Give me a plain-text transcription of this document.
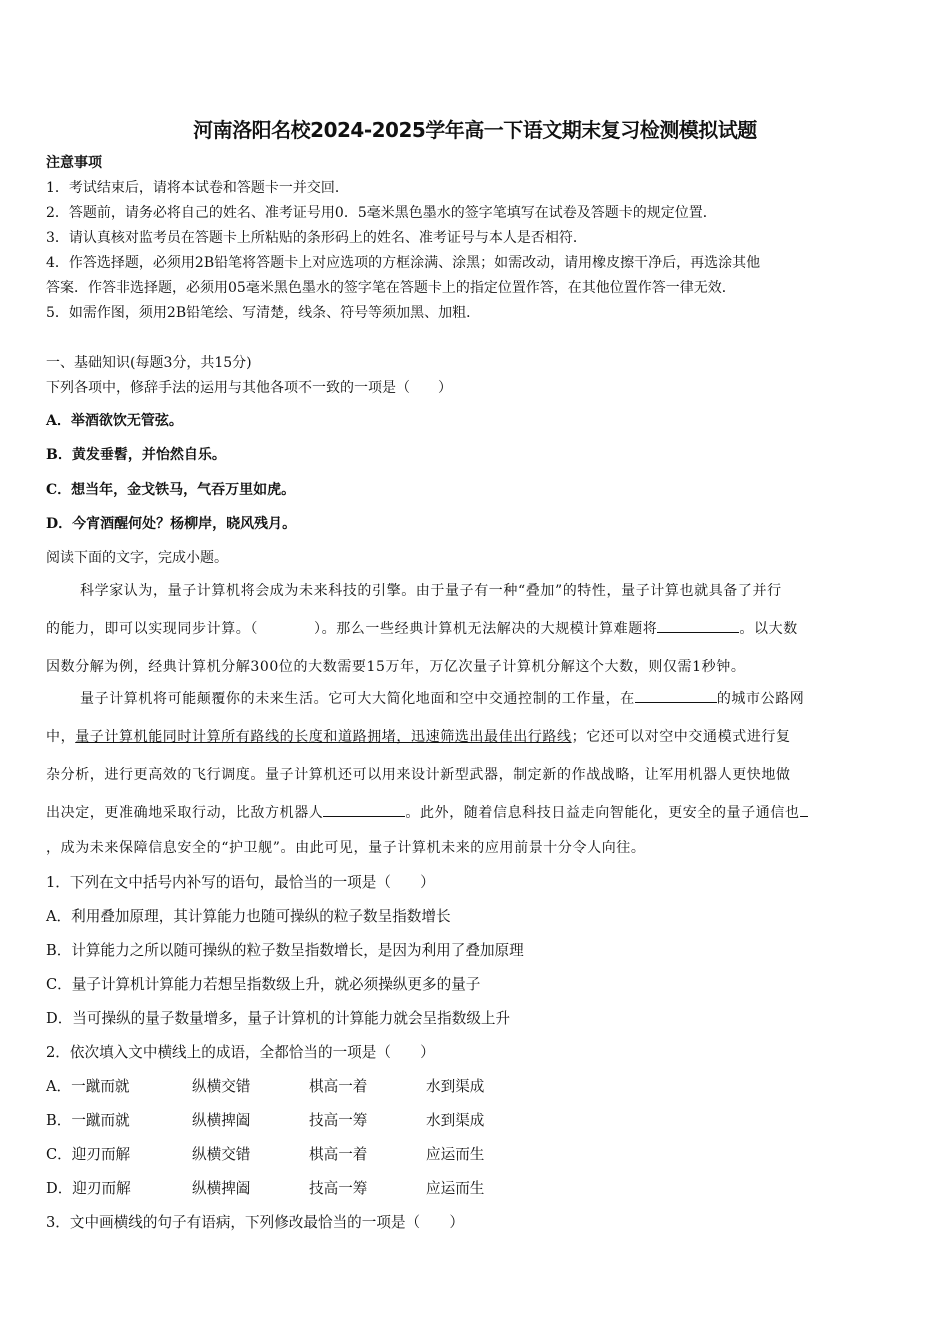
河南洛阳名校2024-2025学年高一下语文期末复习检测模拟试题
注意事项
1．考试结束后，请将本试卷和答题卡一并交回．
2．答题前，请务必将自己的姓名、准考证号用0．5毫米黑色墨水的签字笔填写在试卷及答题卡的规定位置．
3．请认真核对监考员在答题卡上所粘贴的条形码上的姓名、准考证号与本人是否相符．
4．作答选择题，必须用2B铅笔将答题卡上对应选项的方框涂满、涂黑；如需改动，请用橡皮擦干净后，再选涂其他
答案．作答非选择题，必须用05毫米黑色墨水的签字笔在答题卡上的指定位置作答，在其他位置作答一律无效．
5．如需作图，须用2B铅笔绘、写清楚，线条、符号等须加黑、加粗．
一、基础知识(每题3分，共15分)
下列各项中，修辞手法的运用与其他各项不一致的一项是（　　）
A．举酒欲饮无管弦。
B．黄发垂髫，并怡然自乐。
C．想当年，金戈铁马，气吞万里如虎。
D．今宵酒醒何处？杨柳岸，晓风残月。
阅读下面的文字，完成小题。
科学家认为，量子计算机将会成为未来科技的引擎。由于量子有一种“叠加”的特性，量子计算也就具备了并行
的能力，即可以实现同步计算。（	）。那么一些经典计算机无法解决的大规模计算难题将	。以大数
因数分解为例，经典计算机分解300位的大数需要15万年，万亿次量子计算机分解这个大数，则仅需1秒钟。
量子计算机将可能颠覆你的未来生活。它可大大简化地面和空中交通控制的工作量，在	的城市公路网
中，量子计算机能同时计算所有路线的长度和道路拥堵，迅速筛选出最佳出行路线；它还可以对空中交通模式进行复
杂分析，进行更高效的飞行调度。量子计算机还可以用来设计新型武器，制定新的作战战略，让军用机器人更快地做
出决定，更准确地采取行动，比敌方机器人	。此外，随着信息科技日益走向智能化，更安全的量子通信也
，成为未来保障信息安全的“护卫舰”。由此可见，量子计算机未来的应用前景十分令人向往。
1．下列在文中括号内补写的语句，最恰当的一项是（　　）
A．利用叠加原理，其计算能力也随可操纵的粒子数呈指数增长
B．计算能力之所以随可操纵的粒子数呈指数增长，是因为利用了叠加原理
C．量子计算机计算能力若想呈指数级上升，就必须操纵更多的量子
D．当可操纵的量子数量增多，量子计算机的计算能力就会呈指数级上升
2．依次填入文中横线上的成语，全都恰当的一项是（　　）
A．一蹴而就	纵横交错	棋高一着	水到渠成
B．一蹴而就	纵横捭阖	技高一筹	水到渠成
C．迎刃而解	纵横交错	棋高一着	应运而生
D．迎刃而解	纵横捭阖	技高一筹	应运而生
3．文中画横线的句子有语病，下列修改最恰当的一项是（　　）
